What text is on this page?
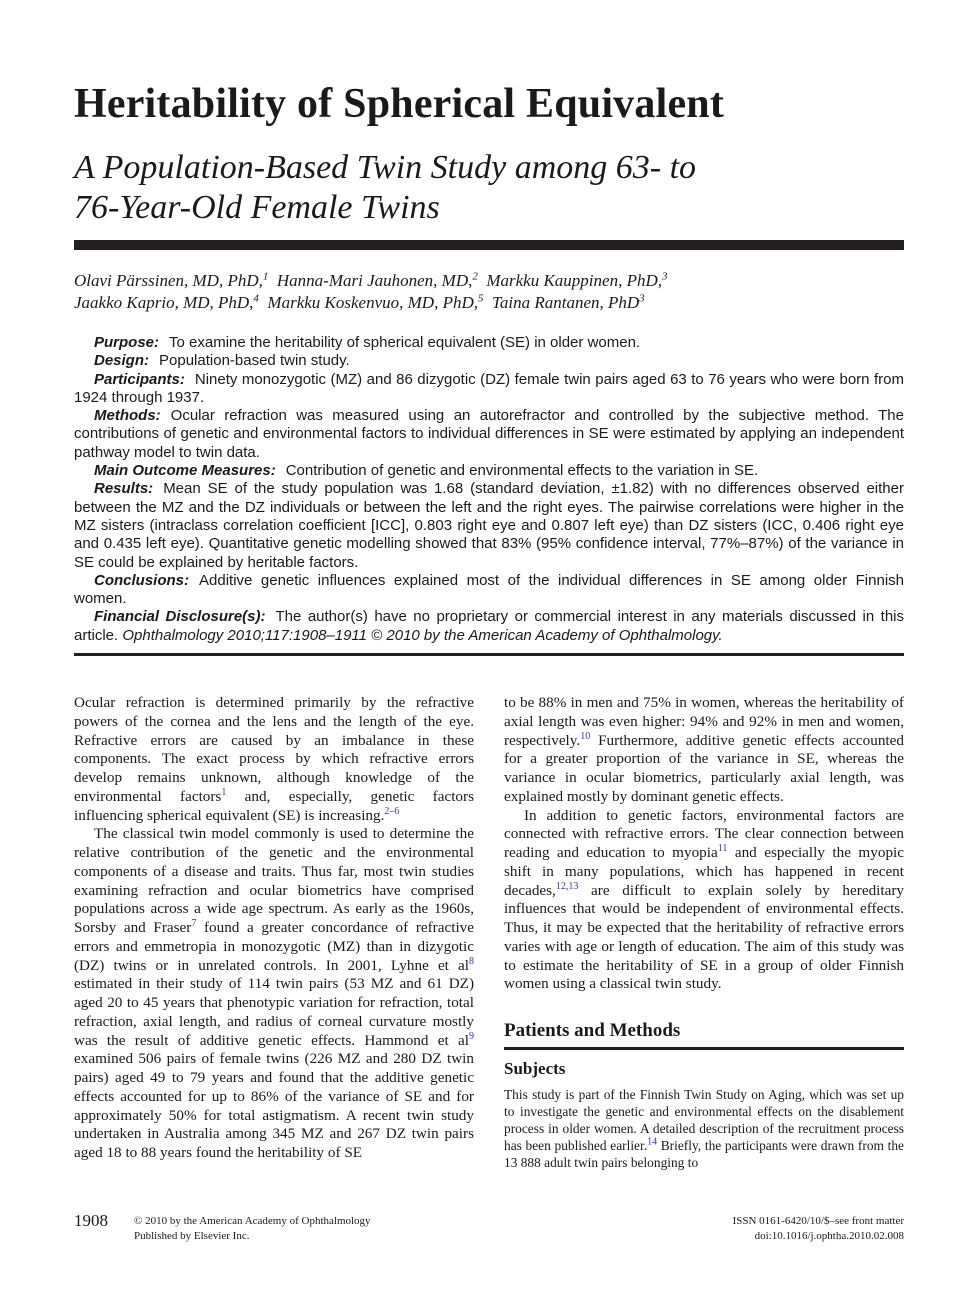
Heritability of Spherical Equivalent
A Population-Based Twin Study among 63- to
76-Year-Old Female Twins
Olavi Pärssinen, MD, PhD,$^1$ Hanna-Mari Jauhonen, MD,$^2$ Markku Kauppinen, PhD,$^3$
Jaakko Kaprio, MD, PhD,$^4$ Markku Koskenvuo, MD, PhD,$^5$ Taina Rantanen, PhD$^3$

Purpose: To examine the heritability of spherical equivalent (SE) in older women.

Design: Population-based twin study.

Participants: Ninety monozygotic (MZ) and 86 dizygotic (DZ) female twin pairs aged 63 to 76 years who were born from 1924 through 1937.

Methods: Ocular refraction was measured using an autorefractor and controlled by the subjective method. The contributions of genetic and environmental factors to individual differences in SE were estimated by applying an independent pathway model to twin data.

Main Outcome Measures: Contribution of genetic and environmental effects to the variation in SE.

Results: Mean SE of the study population was 1.68 (standard deviation, ±1.82) with no differences observed either between the MZ and the DZ individuals or between the left and the right eyes. The pairwise correlations were higher in the MZ sisters (intraclass correlation coefficient [ICC], 0.803 right eye and 0.807 left eye) than DZ sisters (ICC, 0.406 right eye and 0.435 left eye). Quantitative genetic modelling showed that 83% (95% confidence interval, 77%–87%) of the variance in SE could be explained by heritable factors.

Conclusions: Additive genetic influences explained most of the individual differences in SE among older Finnish women.

Financial Disclosure(s): The author(s) have no proprietary or commercial interest in any materials discussed in this article. Ophthalmology 2010;117:1908–1911 © 2010 by the American Academy of Ophthalmology.

Ocular refraction is determined primarily by the refractive powers of the cornea and the lens and the length of the eye. Refractive errors are caused by an imbalance in these components. The exact process by which refractive errors develop remains unknown, although knowledge of the environmental factors$^1$ and, especially, genetic factors influencing spherical equivalent (SE) is increasing.$^{2-6}$

The classical twin model commonly is used to determine the relative contribution of the genetic and the environmental components of a disease and traits. Thus far, most twin studies examining refraction and ocular biometrics have comprised populations across a wide age spectrum. As early as the 1960s, Sorsby and Fraser$^7$ found a greater concordance of refractive errors and emmetropia in monozygotic (MZ) than in dizygotic (DZ) twins or in unrelated controls. In 2001, Lyhne et al$^8$ estimated in their study of 114 twin pairs (53 MZ and 61 DZ) aged 20 to 45 years that phenotypic variation for refraction, total refraction, axial length, and radius of corneal curvature mostly was the result of additive genetic effects. Hammond et al$^9$ examined 506 pairs of female twins (226 MZ and 280 DZ twin pairs) aged 49 to 79 years and found that the additive genetic effects accounted for up to 86% of the variance of SE and for approximately 50% for total astigmatism. A recent twin study undertaken in Australia among 345 MZ and 267 DZ twin pairs aged 18 to 88 years found the heritability of SE

to be 88% in men and 75% in women, whereas the heritability of axial length was even higher: 94% and 92% in men and women, respectively.$^{10}$ Furthermore, additive genetic effects accounted for a greater proportion of the variance in SE, whereas the variance in ocular biometrics, particularly axial length, was explained mostly by dominant genetic effects.

In addition to genetic factors, environmental factors are connected with refractive errors. The clear connection between reading and education to myopia$^{11}$ and especially the myopic shift in many populations, which has happened in recent decades,$^{12,13}$ are difficult to explain solely by hereditary influences that would be independent of environmental effects. Thus, it may be expected that the heritability of refractive errors varies with age or length of education. The aim of this study was to estimate the heritability of SE in a group of older Finnish women using a classical twin study.

Patients and Methods
Subjects

This study is part of the Finnish Twin Study on Aging, which was set up to investigate the genetic and environmental effects on the disablement process in older women. A detailed description of the recruitment process has been published earlier.$^{14}$ Briefly, the participants were drawn from the 13 888 adult twin pairs belonging to

1908 © 2010 by the American Academy of Ophthalmology
Published by Elsevier Inc.
ISSN 0161-6420/10/$–see front matter
doi:10.1016/j.ophtha.2010.02.008
